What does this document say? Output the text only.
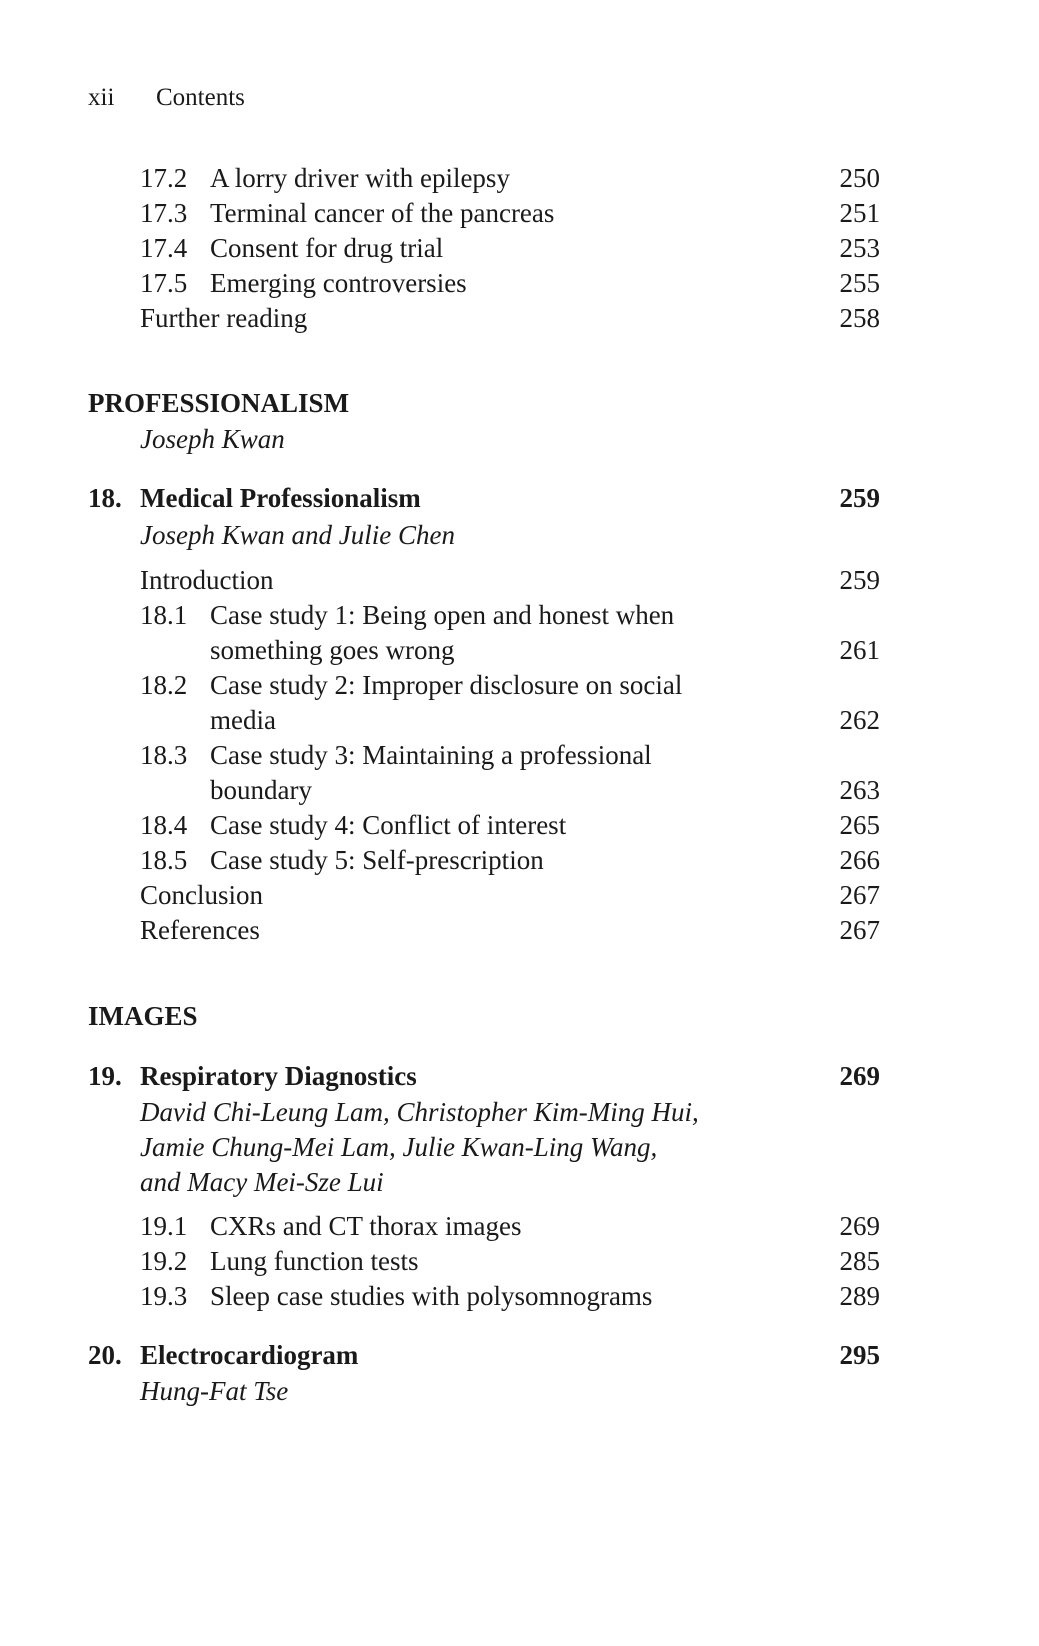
xii Contents
17.2 A lorry driver with epilepsy	250
17.3 Terminal cancer of the pancreas	251
17.4 Consent for drug trial	253
17.5 Emerging controversies	255
Further reading	258
PROFESSIONALISM
Joseph Kwan
18. Medical Professionalism	259
Joseph Kwan and Julie Chen
Introduction	259
18.1 Case study 1: Being open and honest when
something goes wrong	261
18.2 Case study 2: Improper disclosure on social
media	262
18.3 Case study 3: Maintaining a professional
boundary	263
18.4 Case study 4: Conflict of interest	265
18.5 Case study 5: Self-prescription	266
Conclusion	267
References	267
IMAGES
19. Respiratory Diagnostics	269
David Chi-Leung Lam, Christopher Kim-Ming Hui,
Jamie Chung-Mei Lam, Julie Kwan-Ling Wang,
and Macy Mei-Sze Lui
19.1 CXRs and CT thorax images	269
19.2 Lung function tests	285
19.3 Sleep case studies with polysomnograms	289
20. Electrocardiogram	295
Hung-Fat Tse
